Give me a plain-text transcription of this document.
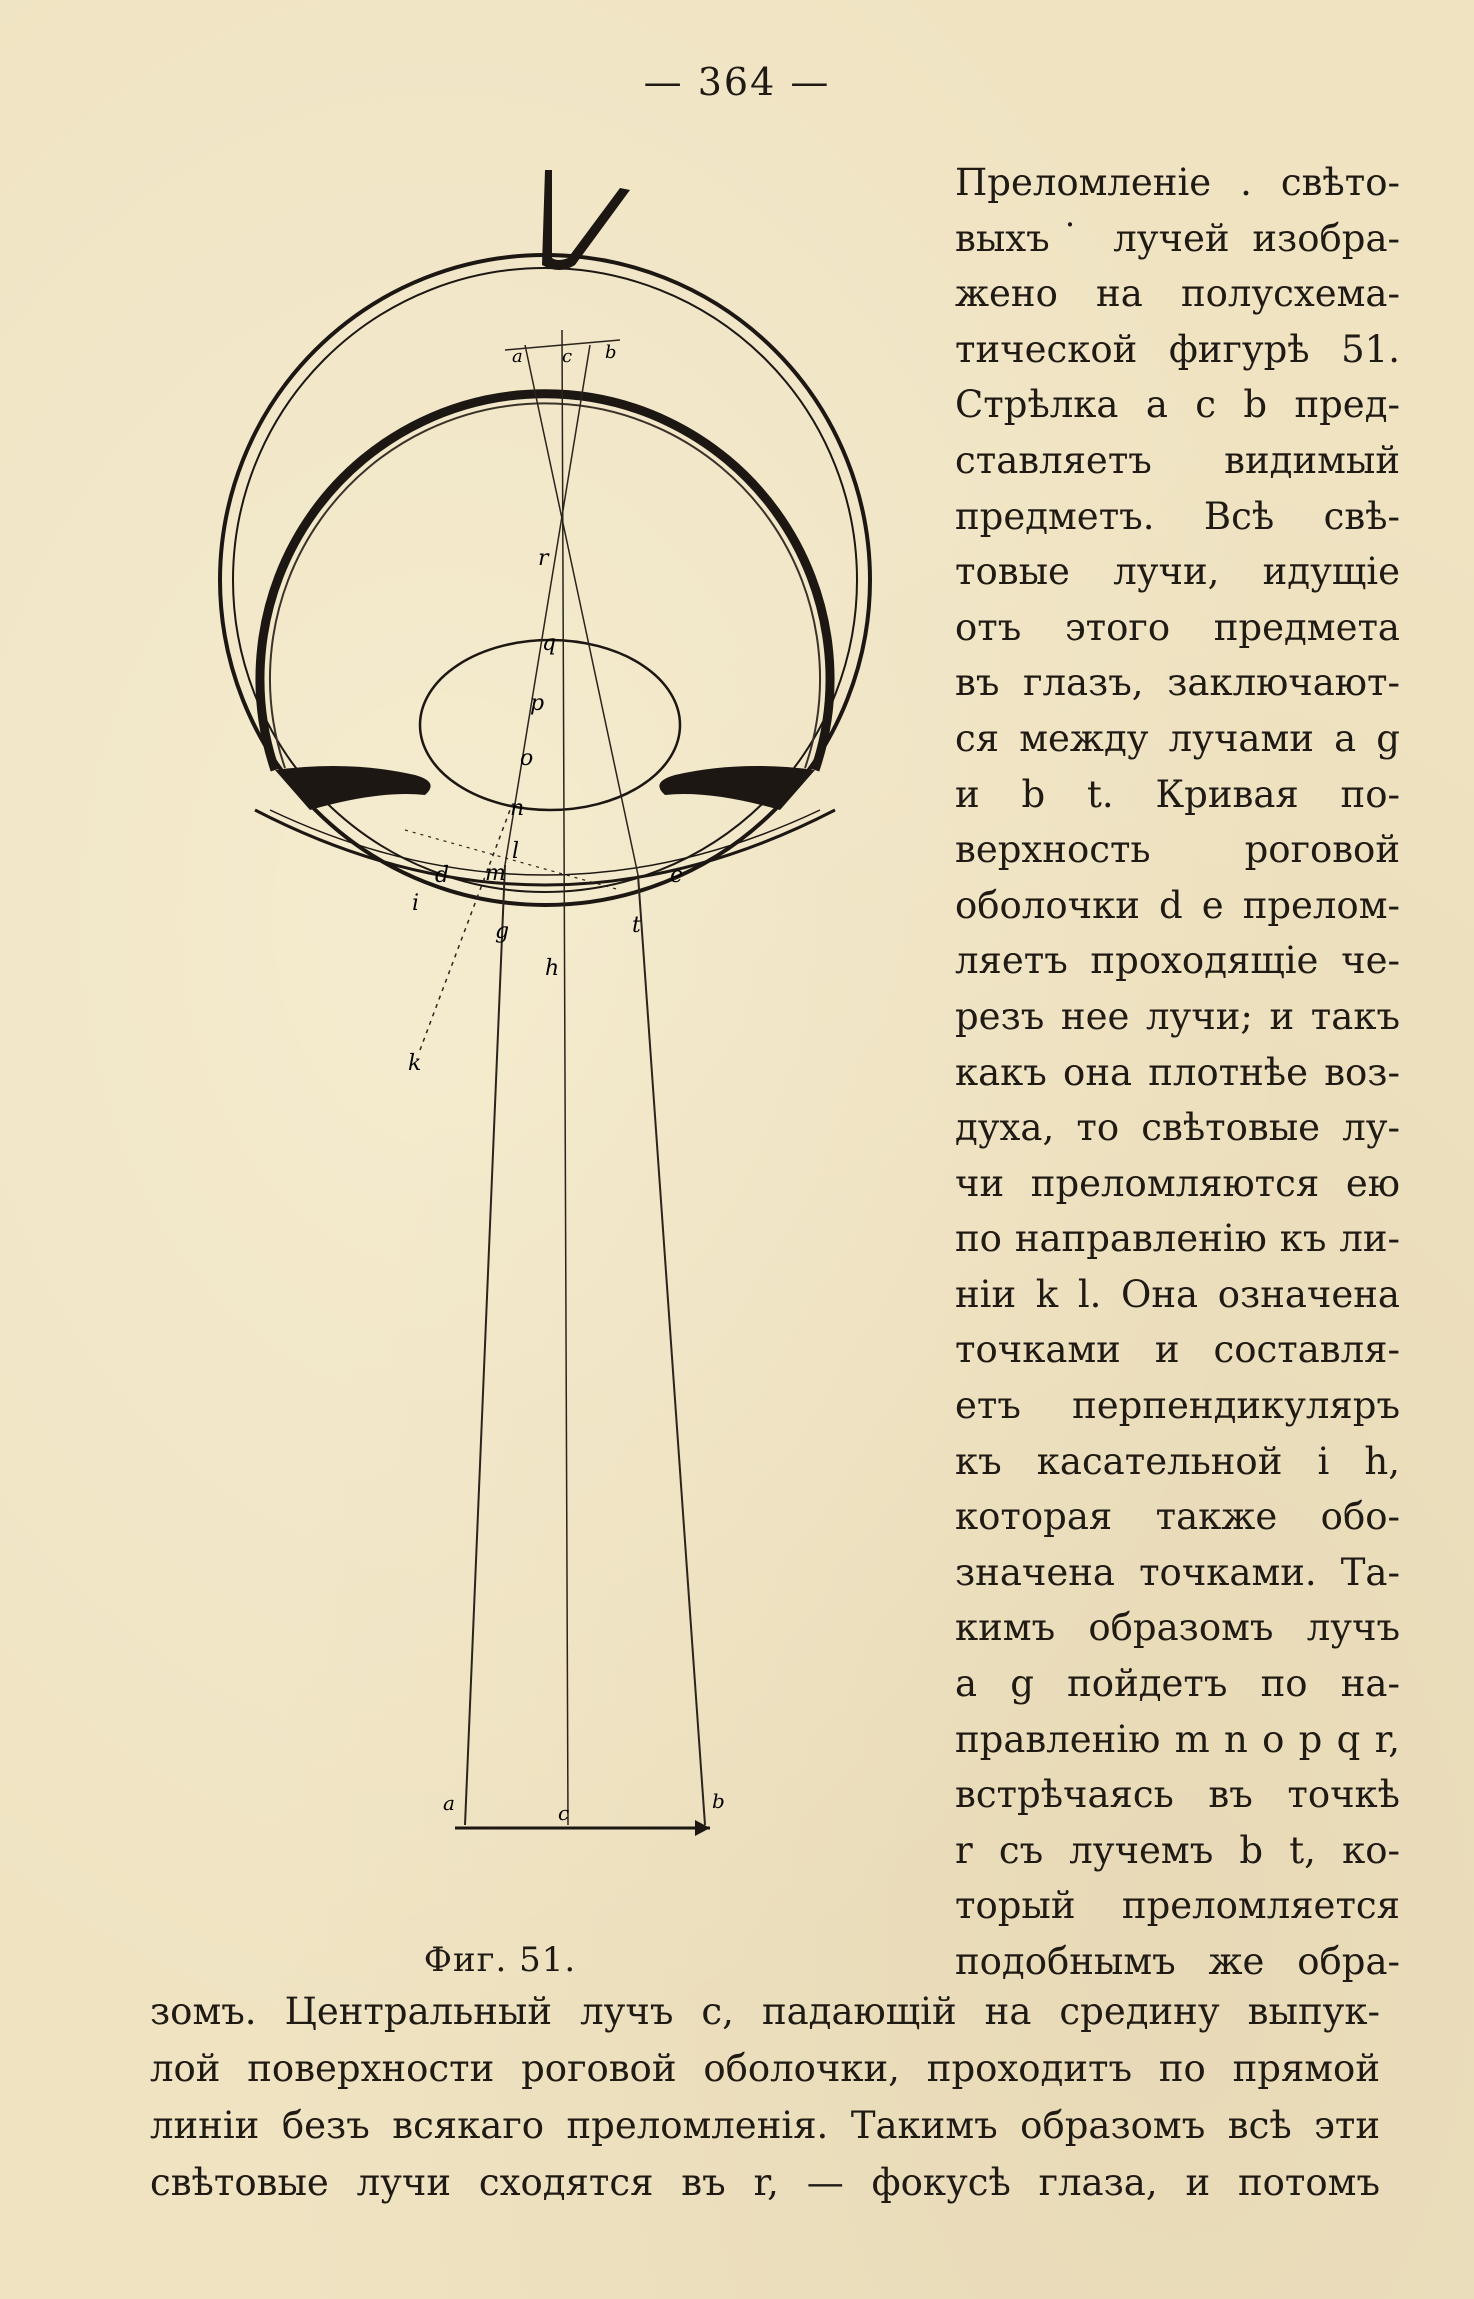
— 364 —
a c b
r
q
p
o
n
l
m
i
d	e
g
h
t
k
a	c	b
Фиг. 51.
Преломленіе . свѣто-
выхъ˙ лучей изобра-
жено на полусхема-
тической фигурѣ 51.
Стрѣлка a c b пред-
ставляетъ видимый
предметъ. Всѣ свѣ-
товые лучи, идущіе
отъ этого предмета
въ глазъ, заключают-
ся между лучами a g
и b t. Кривая по-
верхность роговой
оболочки d e прелом-
ляетъ проходящіе че-
резъ нее лучи; и такъ
какъ она плотнѣе воз-
духа, то свѣтовые лу-
чи преломляются ею
по направленію къ ли-
ніи k l. Она означена
точками и составля-
етъ перпендикуляръ
къ касательной i h,
которая также обо-
значена точками. Та-
кимъ образомъ лучъ
a g пойдетъ по на-
правленію m n o p q r,
встрѣчаясь въ точкѣ
r съ лучемъ b t, ко-
торый преломляется
подобнымъ же обра-
зомъ. Центральный лучъ c, падающій на средину выпук-
лой поверхности роговой оболочки, проходитъ по прямой
линіи безъ всякаго преломленія. Такимъ образомъ всѣ эти
свѣтовые лучи сходятся въ r, — фокусѣ глаза, и потомъ
